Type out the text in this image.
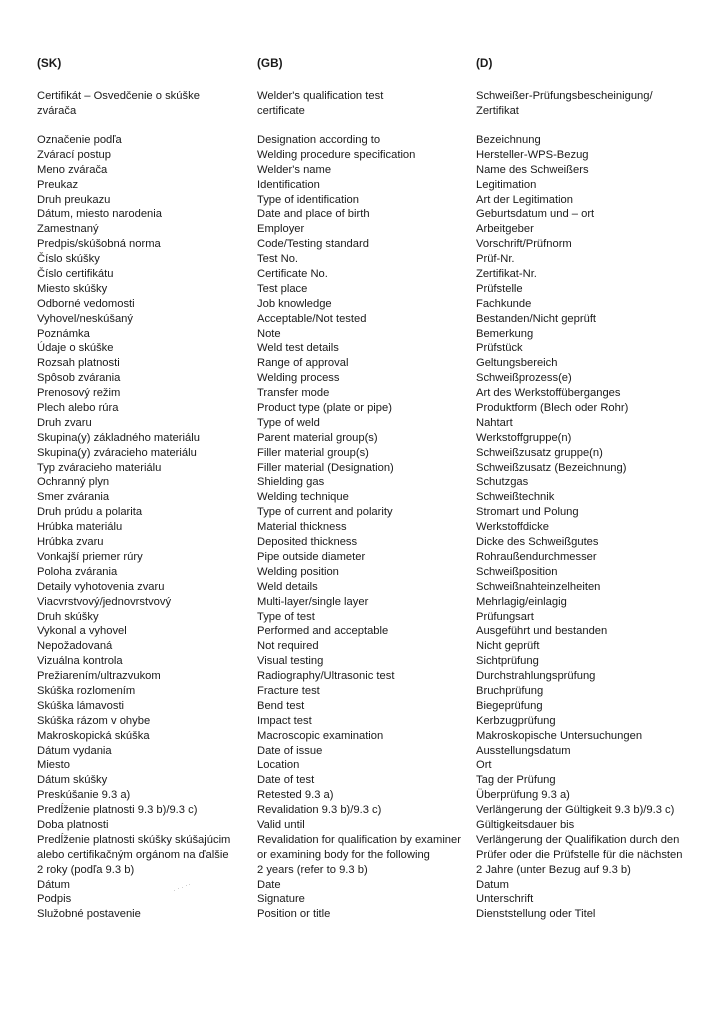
(SK)
Certifikát – Osvedčenie o skúške
zvárača
Označenie podľa
Zvárací postup
Meno zvárača
Preukaz
Druh preukazu
Dátum, miesto narodenia
Zamestnaný
Predpis/skúšobná norma
Číslo skúšky
Číslo certifikátu
Miesto skúšky
Odborné vedomosti
Vyhovel/neskúšaný
Poznámka
Údaje o skúške
Rozsah platnosti
Spôsob zvárania
Prenosový režim
Plech alebo rúra
Druh zvaru
Skupina(y) základného materiálu
Skupina(y) zváracieho materiálu
Typ zváracieho materiálu
Ochranný plyn
Smer zvárania
Druh prúdu a polarita
Hrúbka materiálu
Hrúbka zvaru
Vonkajší priemer rúry
Poloha zvárania
Detaily vyhotovenia zvaru
Viacvrstvový/jednovrstvový
Druh skúšky
Vykonal a vyhovel
Nepožadovaná
Vizuálna kontrola
Prežiarením/ultrazvukom
Skúška rozlomením
Skúška lámavosti
Skúška rázom v ohybe
Makroskopická skúška
Dátum vydania
Miesto
Dátum skúšky
Preskúšanie 9.3 a)
Predĺženie platnosti 9.3 b)/9.3 c)
Doba platnosti
Predĺženie platnosti skúšky skúšajúcim
alebo certifikačným orgánom na ďalšie
2 roky (podľa 9.3 b)
Dátum
Podpis
Služobné postavenie
(GB)
Welder's qualification test
certificate
Designation according to
Welding procedure specification
Welder's name
Identification
Type of identification
Date and place of birth
Employer
Code/Testing standard
Test No.
Certificate No.
Test place
Job knowledge
Acceptable/Not tested
Note
Weld test details
Range of approval
Welding process
Transfer mode
Product type (plate or pipe)
Type of weld
Parent material group(s)
Filler material group(s)
Filler material (Designation)
Shielding gas
Welding technique
Type of current and polarity
Material thickness
Deposited thickness
Pipe outside diameter
Welding position
Weld details
Multi-layer/single layer
Type of test
Performed and acceptable
Not required
Visual testing
Radiography/Ultrasonic test
Fracture test
Bend test
Impact test
Macroscopic examination
Date of issue
Location
Date of test
Retested 9.3 a)
Revalidation 9.3 b)/9.3 c)
Valid until
Revalidation for qualification by examiner
or examining body for the following
2 years (refer to 9.3 b)
Date
Signature
Position or title
(D)
Schweißer-Prüfungsbescheinigung/
Zertifikat
Bezeichnung
Hersteller-WPS-Bezug
Name des Schweißers
Legitimation
Art der Legitimation
Geburtsdatum und – ort
Arbeitgeber
Vorschrift/Prüfnorm
Prüf-Nr.
Zertifikat-Nr.
Prüfstelle
Fachkunde
Bestanden/Nicht geprüft
Bemerkung
Prüfstück
Geltungsbereich
Schweißprozess(e)
Art des Werkstoffüberganges
Produktform (Blech oder Rohr)
Nahtart
Werkstoffgruppe(n)
Schweißzusatz gruppe(n)
Schweißzusatz (Bezeichnung)
Schutzgas
Schweißtechnik
Stromart und Polung
Werkstoffdicke
Dicke des Schweißgutes
Rohraußendurchmesser
Schweißposition
Schweißnahteinzelheiten
Mehrlagig/einlagig
Prüfungsart
Ausgeführt und bestanden
Nicht geprüft
Sichtprüfung
Durchstrahlungsprüfung
Bruchprüfung
Biegeprüfung
Kerbzugprüfung
Makroskopische Untersuchungen
Ausstellungsdatum
Ort
Tag der Prüfung
Überprüfung 9.3 a)
Verlängerung der Gültigkeit 9.3 b)/9.3 c)
Gültigkeitsdauer bis
Verlängerung der Qualifikation durch den
Prüfer oder die Prüfstelle für die nächsten
2 Jahre (unter Bezug auf 9.3 b)
Datum
Unterschrift
Dienststellung oder Titel
